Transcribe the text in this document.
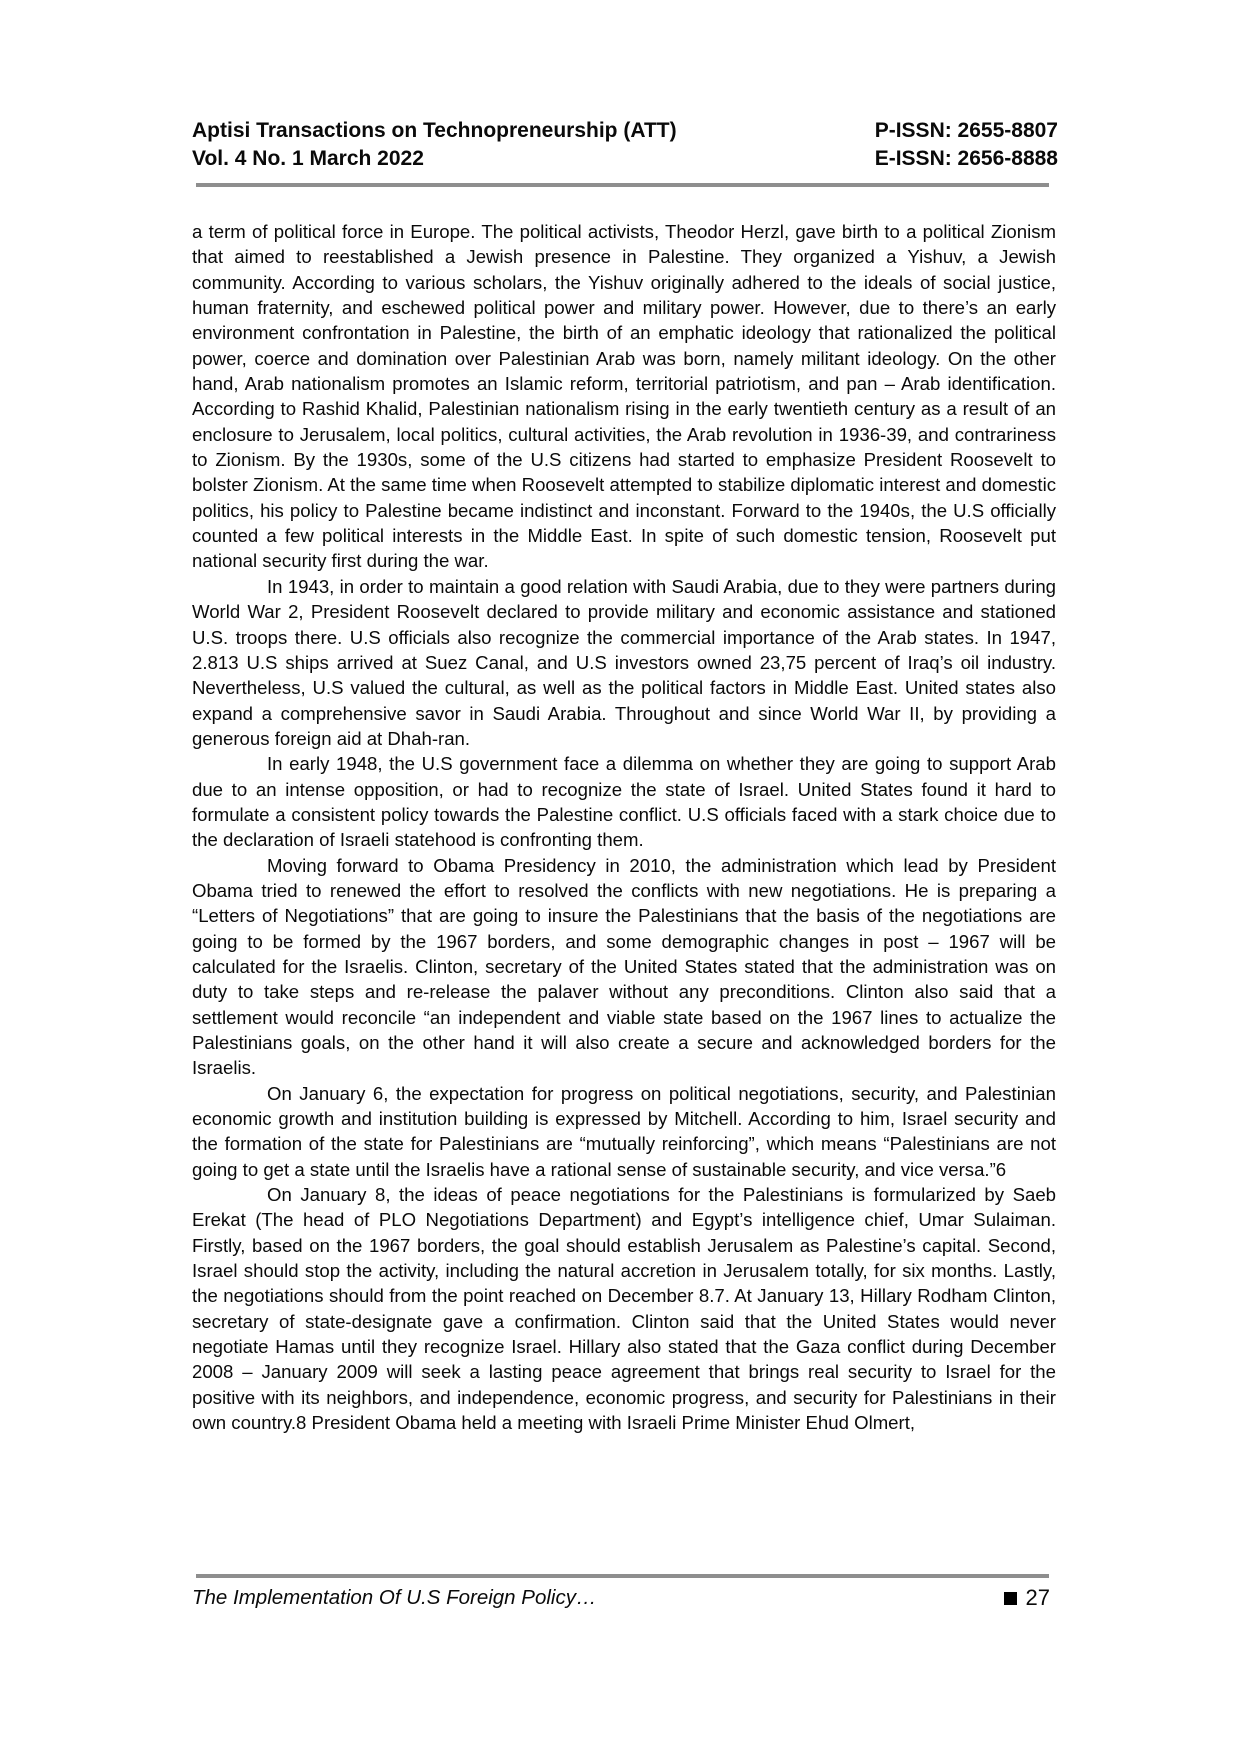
Aptisi Transactions on Technopreneurship (ATT)
Vol. 4 No. 1 March 2022
P-ISSN: 2655-8807
E-ISSN: 2656-8888

a term of political force in Europe. The political activists, Theodor Herzl, gave birth to a political Zionism that aimed to reestablished a Jewish presence in Palestine. They organized a Yishuv, a Jewish community. According to various scholars, the Yishuv originally adhered to the ideals of social justice, human fraternity, and eschewed political power and military power. However, due to there’s an early environment confrontation in Palestine, the birth of an emphatic ideology that rationalized the political power, coerce and domination over Palestinian Arab was born, namely militant ideology. On the other hand, Arab nationalism promotes an Islamic reform, territorial patriotism, and pan – Arab identification. According to Rashid Khalid, Palestinian nationalism rising in the early twentieth century as a result of an enclosure to Jerusalem, local politics, cultural activities, the Arab revolution in 1936-39, and contrariness to Zionism. By the 1930s, some of the U.S citizens had started to emphasize President Roosevelt to bolster Zionism. At the same time when Roosevelt attempted to stabilize diplomatic interest and domestic politics, his policy to Palestine became indistinct and inconstant. Forward to the 1940s, the U.S officially counted a few political interests in the Middle East. In spite of such domestic tension, Roosevelt put national security first during the war.

In 1943, in order to maintain a good relation with Saudi Arabia, due to they were partners during World War 2, President Roosevelt declared to provide military and economic assistance and stationed U.S. troops there. U.S officials also recognize the commercial importance of the Arab states. In 1947, 2.813 U.S ships arrived at Suez Canal, and U.S investors owned 23,75 percent of Iraq’s oil industry. Nevertheless, U.S valued the cultural, as well as the political factors in Middle East. United states also expand a comprehensive savor in Saudi Arabia. Throughout and since World War II, by providing a generous foreign aid at Dhah-ran.

In early 1948, the U.S government face a dilemma on whether they are going to support Arab due to an intense opposition, or had to recognize the state of Israel. United States found it hard to formulate a consistent policy towards the Palestine conflict. U.S officials faced with a stark choice due to the declaration of Israeli statehood is confronting them.

Moving forward to Obama Presidency in 2010, the administration which lead by President Obama tried to renewed the effort to resolved the conflicts with new negotiations. He is preparing a “Letters of Negotiations” that are going to insure the Palestinians that the basis of the negotiations are going to be formed by the 1967 borders, and some demographic changes in post – 1967 will be calculated for the Israelis. Clinton, secretary of the United States stated that the administration was on duty to take steps and re-release the palaver without any preconditions. Clinton also said that a settlement would reconcile “an independent and viable state based on the 1967 lines to actualize the Palestinians goals, on the other hand it will also create a secure and acknowledged borders for the Israelis.

On January 6, the expectation for progress on political negotiations, security, and Palestinian economic growth and institution building is expressed by Mitchell. According to him, Israel security and the formation of the state for Palestinians are “mutually reinforcing”, which means “Palestinians are not going to get a state until the Israelis have a rational sense of sustainable security, and vice versa.”6

On January 8, the ideas of peace negotiations for the Palestinians is formularized by Saeb Erekat (The head of PLO Negotiations Department) and Egypt’s intelligence chief, Umar Sulaiman. Firstly, based on the 1967 borders, the goal should establish Jerusalem as Palestine’s capital. Second, Israel should stop the activity, including the natural accretion in Jerusalem totally, for six months. Lastly, the negotiations should from the point reached on December 8.7. At January 13, Hillary Rodham Clinton, secretary of state-designate gave a confirmation. Clinton said that the United States would never negotiate Hamas until they recognize Israel. Hillary also stated that the Gaza conflict during December 2008 – January 2009 will seek a lasting peace agreement that brings real security to Israel for the positive with its neighbors, and independence, economic progress, and security for Palestinians in their own country.8 President Obama held a meeting with Israeli Prime Minister Ehud Olmert,

The Implementation Of U.S Foreign Policy…	27
